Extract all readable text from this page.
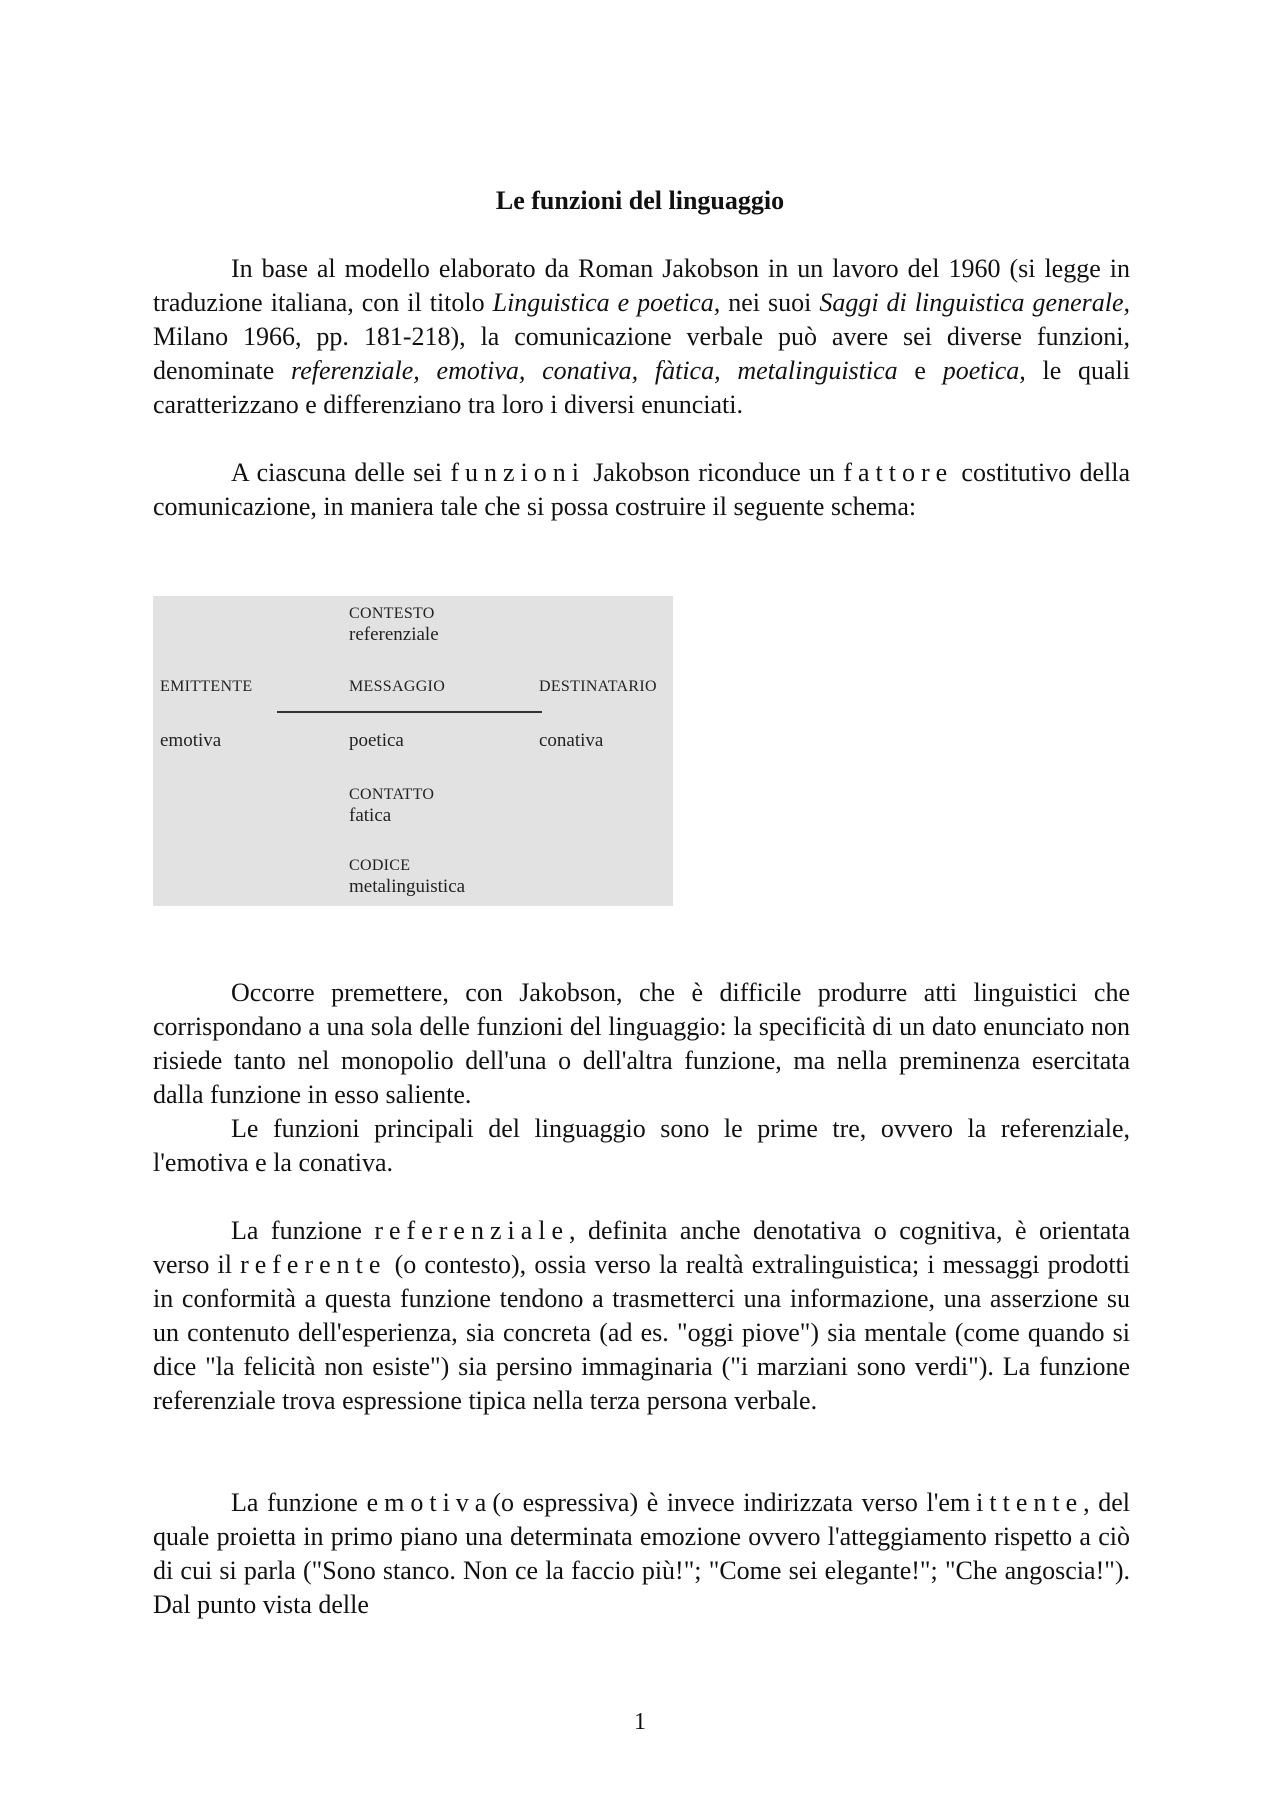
Le funzioni del linguaggio

In base al modello elaborato da Roman Jakobson in un lavoro del 1960 (si legge in traduzione italiana, con il titolo Linguistica e poetica, nei suoi Saggi di linguistica generale, Milano 1966, pp. 181-218), la comunicazione verbale può avere sei diverse funzioni, denominate referenziale, emotiva, conativa, fàtica, metalinguistica e poetica, le quali caratterizzano e differenziano tra loro i diversi enunciati.

A ciascuna delle sei funzioni Jakobson riconduce un fattore costitutivo della comunicazione, in maniera tale che si possa costruire il seguente schema:

CONTESTO
referenziale
EMITTENTE	MESSAGGIO	DESTINATARIO
emotiva	poetica	conativa
CONTATTO
fatica
CODICE
metalinguistica

Occorre premettere, con Jakobson, che è difficile produrre atti linguistici che corrispondano a una sola delle funzioni del linguaggio: la specificità di un dato enunciato non risiede tanto nel monopolio dell'una o dell'altra funzione, ma nella preminenza esercitata dalla funzione in esso saliente.

Le funzioni principali del linguaggio sono le prime tre, ovvero la referenziale, l'emotiva e la conativa.

La funzione referenziale, definita anche denotativa o cognitiva, è orientata verso il referente (o contesto), ossia verso la realtà extralinguistica; i messaggi prodotti in conformità a questa funzione tendono a trasmetterci una informazione, una asserzione su un contenuto dell'esperienza, sia concreta (ad es. "oggi piove") sia mentale (come quando si dice "la felicità non esiste") sia persino immaginaria ("i marziani sono verdi"). La funzione referenziale trova espressione tipica nella terza persona verbale.

La funzione emotiva(o espressiva) è invece indirizzata verso l'emittente, del quale proietta in primo piano una determinata emozione ovvero l'atteggiamento rispetto a ciò di cui si parla ("Sono stanco. Non ce la faccio più!"; "Come sei elegante!"; "Che angoscia!"). Dal punto vista delle

1
